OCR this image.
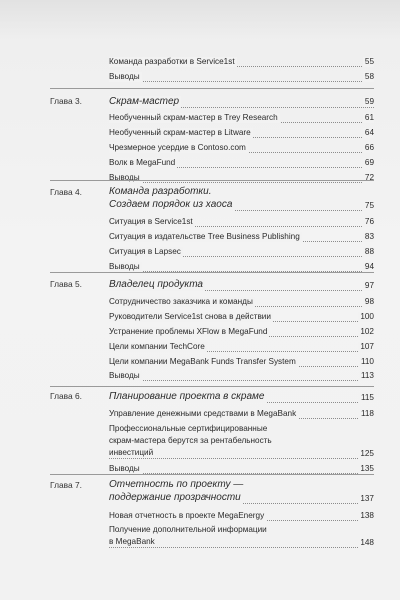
Команда разработки в Service1st	55
Выводы	58
Глава 3.	Скрам-мастер	59
Необученный скрам-мастер в Trey Research	61
Необученный скрам-мастер в Litware	64
Чрезмерное усердие в Contoso.com	66
Волк в MegaFund	69
Выводы	72
Глава 4.	Команда разработки.
Создаем порядок из хаоса	75
Ситуация в Service1st	76
Ситуация в издательстве Tree Business Publishing	83
Ситуация в Lapsec	88
Выводы	94
Глава 5.	Владелец продукта	97
Сотрудничество заказчика и команды	98
Руководители Service1st снова в действии	100
Устранение проблемы XFlow в MegaFund	102
Цели компании TechCore	107
Цели компании MegaBank Funds Transfer System	110
Выводы	113
Глава 6.	Планирование проекта в скраме	115
Управление денежными средствами в MegaBank	118
Профессиональные сертифицированные
скрам-мастера берутся за рентабельность
инвестиций	125
Выводы	135
Глава 7.	Отчетность по проекту —
поддержание прозрачности	137
Новая отчетность в проекте MegaEnergy	138
Получение дополнительной информации
в MegaBank	148
